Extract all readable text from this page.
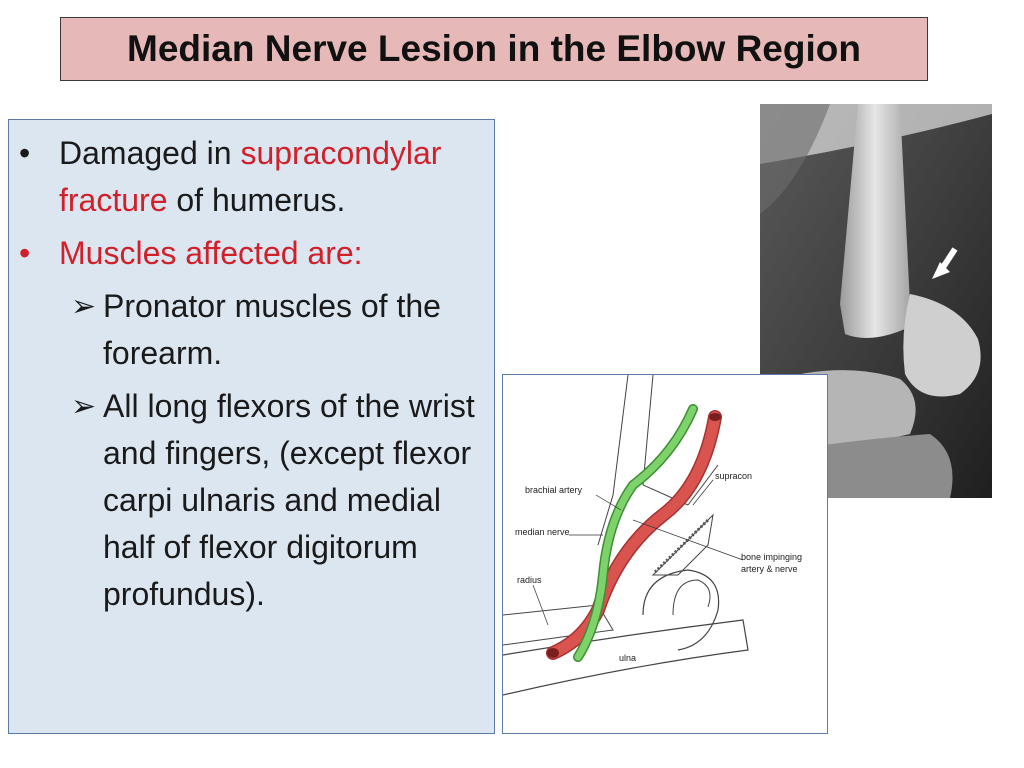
Median Nerve Lesion in the Elbow Region
• Damaged in supracondylar fracture of humerus.
• Muscles affected are:
➢ Pronator muscles of the forearm.
➢ All long flexors of the wrist and fingers, (except flexor carpi ulnaris and medial half of flexor digitorum profundus).
brachial artery
median nerve
radius
ulna
supracon
bone impinging
artery & nerve
